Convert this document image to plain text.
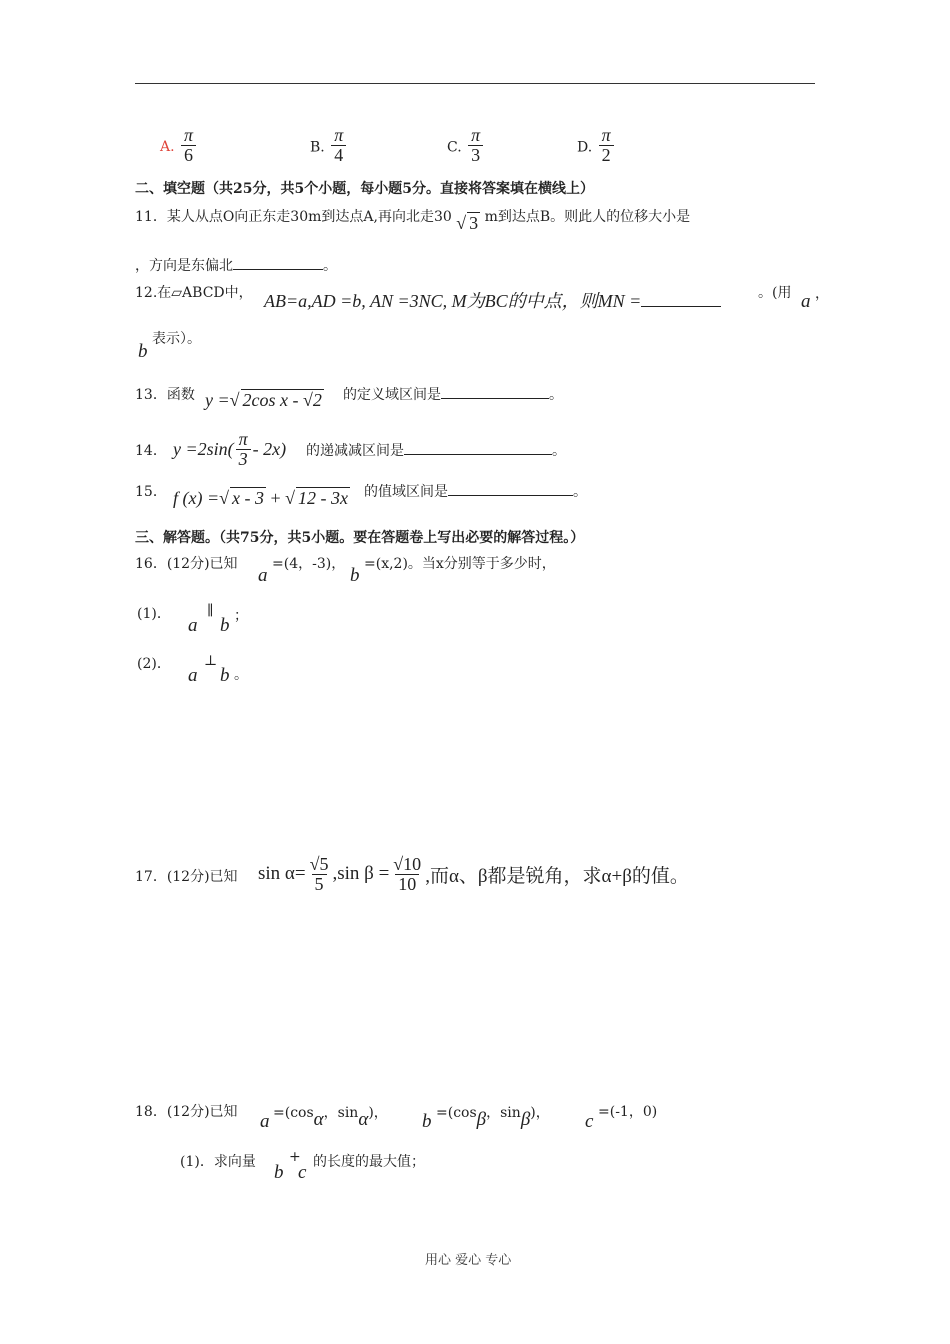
A. $\frac{\pi}{6}$	B. $\frac{\pi}{4}$	C. $\frac{\pi}{3}$	D. $\frac{\pi}{2}$
二、填空题（共25分，共5个小题，每小题5分。直接将答案填在横线上）
11．某人从点O向正东走30m到达点A,再向北走30 √ 3 m到达点B。则此人的位移大小是
，方向是东偏北	。
12.在▱ABCD中， AB=a,AD =b, AN =3NC, M为BC的中点，则MN =	。(用 a ，
b
表示）。
13．函数 y =√ 2cos x - √2 的定义域区间是	。
14． $y =2\sin( \frac{\pi}{3} - 2x)$ 的递减减区间是	。
15． f (x) =√ x - 3 + √ 12 - 3x 的值域区间是	。
三、解答题。（共75分，共5小题。要在答题卷上写出必要的解答过程。）
16．(12分)已知
a
=(4，-3)，
b
=(x,2)。当x分别等于多少时，
(1)．
a
∥
b ；
(2)．
a
⊥
b 。
17．(12分)已知 $\sin \alpha= \frac{√5}{5} ,\sin$ $\beta = \frac{√10}{10}$ ,而α、β都是锐角，求α+β的值。
18．(12分)已知 a =(cosα，sinα)， b =(cosβ，sinβ)， c =(-1，0)
(1)．求向量 b
+
c 的长度的最大值；
用心 爱心 专心
